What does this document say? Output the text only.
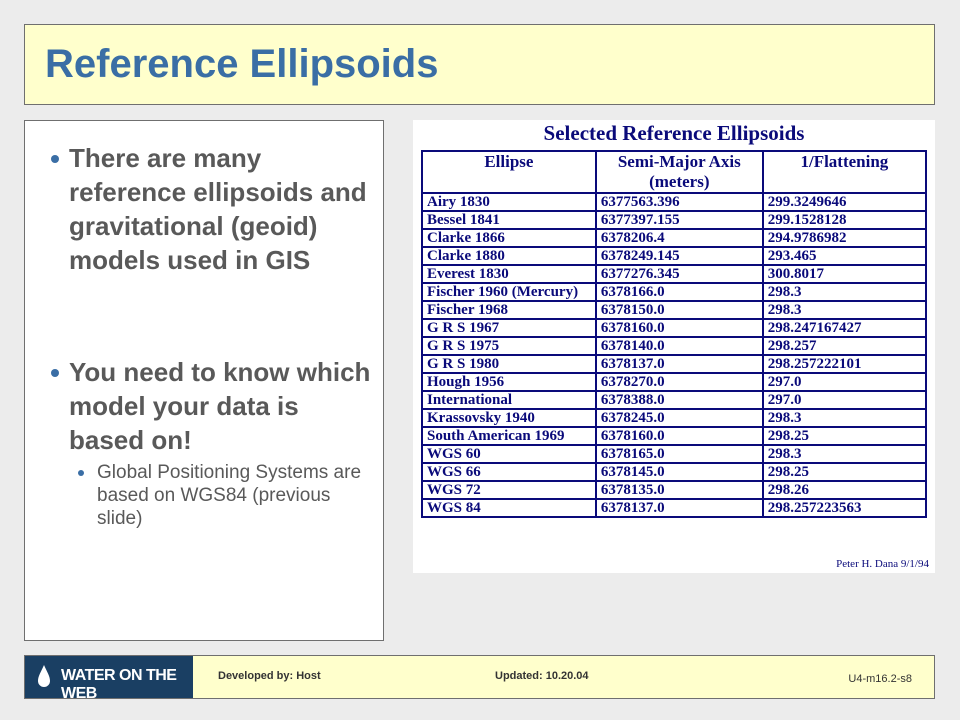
Reference Ellipsoids
There are many reference ellipsoids and gravitational (geoid) models used in GIS
You need to know which model your data is based on!
Global Positioning Systems are based on WGS84 (previous slide)
Selected Reference Ellipsoids
Ellipse	Semi-Major Axis (meters)	1/Flattening
Airy 1830	6377563.396	299.3249646
Bessel 1841	6377397.155	299.1528128
Clarke 1866	6378206.4	294.9786982
Clarke 1880	6378249.145	293.465
Everest 1830	6377276.345	300.8017
Fischer 1960 (Mercury)	6378166.0	298.3
Fischer 1968	6378150.0	298.3
G R S 1967	6378160.0	298.247167427
G R S 1975	6378140.0	298.257
G R S 1980	6378137.0	298.257222101
Hough 1956	6378270.0	297.0
International	6378388.0	297.0
Krassovsky 1940	6378245.0	298.3
South American 1969	6378160.0	298.25
WGS 60	6378165.0	298.3
WGS 66	6378145.0	298.25
WGS 72	6378135.0	298.26
WGS 84	6378137.0	298.257223563
Peter H. Dana 9/1/94
WATER ON THE WEB
Developed by: Host	Updated: 10.20.04	U4-m16.2-s8
